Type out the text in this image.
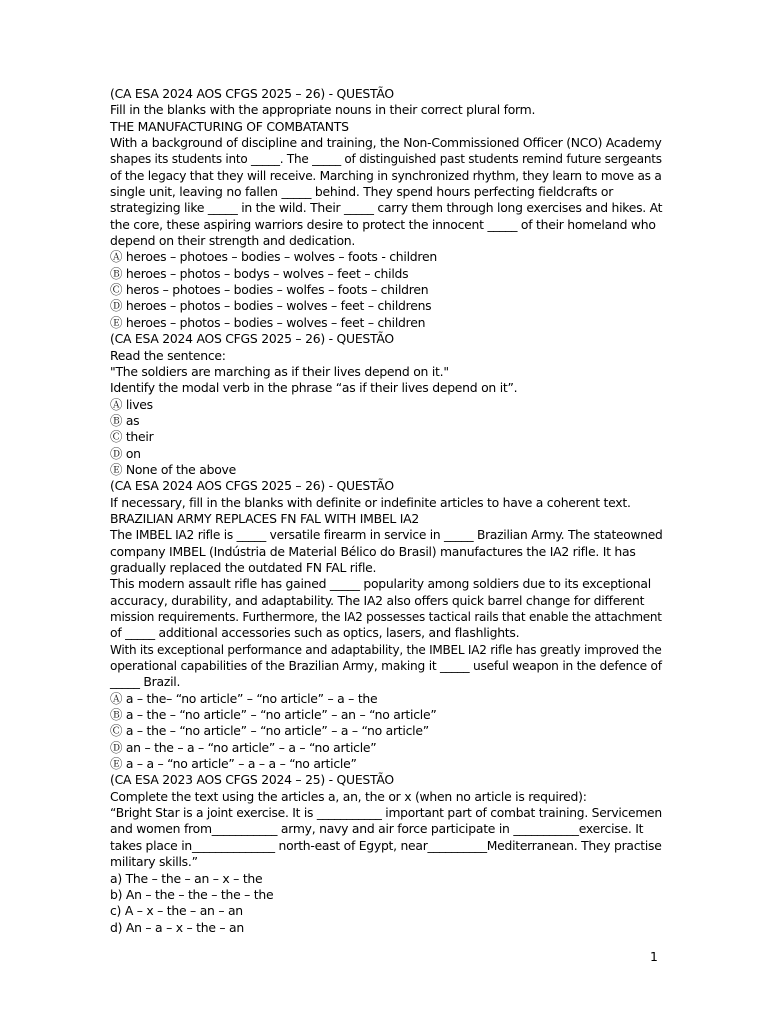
(CA ESA 2024 AOS CFGS 2025 – 26) - QUESTÃO
Fill in the blanks with the appropriate nouns in their correct plural form.
THE MANUFACTURING OF COMBATANTS
With a background of discipline and training, the Non-Commissioned Officer (NCO) Academy
shapes its students into _____. The _____ of distinguished past students remind future sergeants
of the legacy that they will receive. Marching in synchronized rhythm, they learn to move as a
single unit, leaving no fallen _____ behind. They spend hours perfecting fieldcrafts or
strategizing like _____ in the wild. Their _____ carry them through long exercises and hikes. At
the core, these aspiring warriors desire to protect the innocent _____ of their homeland who
depend on their strength and dedication.
Ⓐ heroes – photoes – bodies – wolves – foots - children
Ⓑ heroes – photos – bodys – wolves – feet – childs
Ⓒ heros – photoes – bodies – wolfes – foots – children
Ⓓ heroes – photos – bodies – wolves – feet – childrens
Ⓔ heroes – photos – bodies – wolves – feet – children
(CA ESA 2024 AOS CFGS 2025 – 26) - QUESTÃO
Read the sentence:
"The soldiers are marching as if their lives depend on it."
Identify the modal verb in the phrase “as if their lives depend on it”.
Ⓐ lives
Ⓑ as
Ⓒ their
Ⓓ on
Ⓔ None of the above
(CA ESA 2024 AOS CFGS 2025 – 26) - QUESTÃO
If necessary, fill in the blanks with definite or indefinite articles to have a coherent text.
BRAZILIAN ARMY REPLACES FN FAL WITH IMBEL IA2
The IMBEL IA2 rifle is _____ versatile firearm in service in _____ Brazilian Army. The stateowned
company IMBEL (Indústria de Material Bélico do Brasil) manufactures the IA2 rifle. It has
gradually replaced the outdated FN FAL rifle.
This modern assault rifle has gained _____ popularity among soldiers due to its exceptional
accuracy, durability, and adaptability. The IA2 also offers quick barrel change for different
mission requirements. Furthermore, the IA2 possesses tactical rails that enable the attachment
of _____ additional accessories such as optics, lasers, and flashlights.
With its exceptional performance and adaptability, the IMBEL IA2 rifle has greatly improved the
operational capabilities of the Brazilian Army, making it _____ useful weapon in the defence of
_____ Brazil.
Ⓐ a – the– “no article” – “no article” – a – the
Ⓑ a – the – “no article” – “no article” – an – “no article”
Ⓒ a – the – “no article” – “no article” – a – “no article”
Ⓓ an – the – a – “no article” – a – “no article”
Ⓔ a – a – “no article” – a – a – “no article”
(CA ESA 2023 AOS CFGS 2024 – 25) - QUESTÃO
Complete the text using the articles a, an, the or x (when no article is required):
“Bright Star is a joint exercise. It is ___________ important part of combat training. Servicemen
and women from___________ army, navy and air force participate in ___________exercise. It
takes place in______________ north-east of Egypt, near__________Mediterranean. They practise
military skills.”
a) The – the – an – x – the
b) An – the – the – the – the
c) A – x – the – an – an
d) An – a – x – the – an
1
